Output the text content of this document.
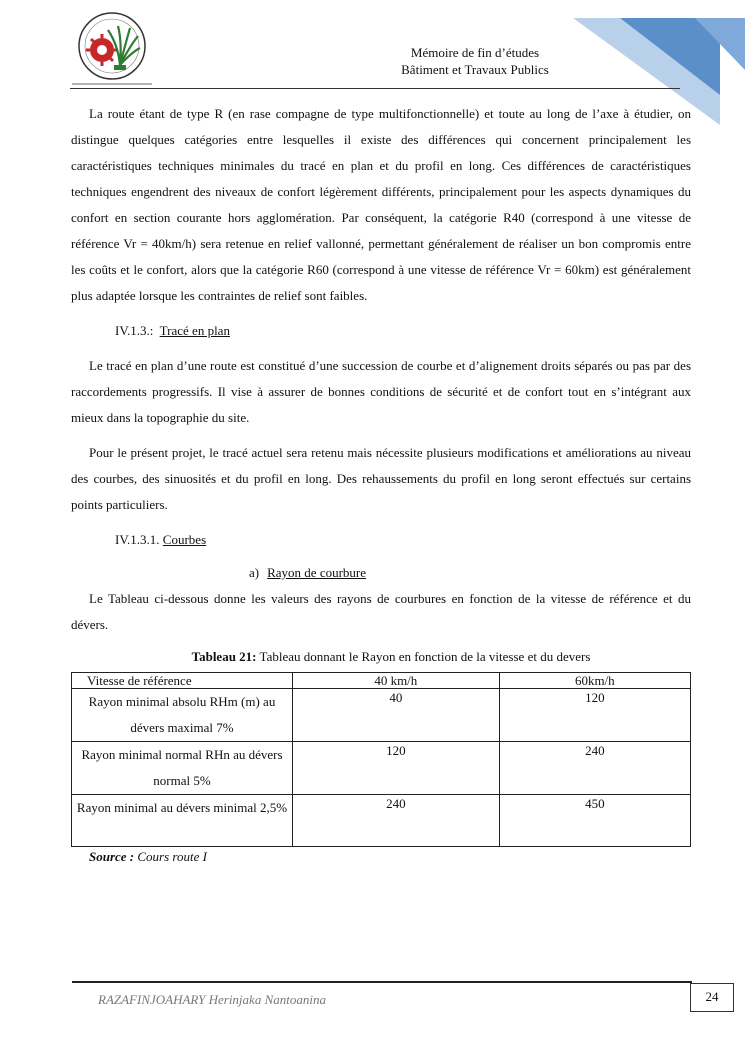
Mémoire de fin d’études
Bâtiment et Travaux Publics

La route étant de type R (en rase compagne de type multifonctionnelle) et toute au long de l’axe à étudier, on distingue quelques catégories entre lesquelles il existe des différences qui concernent principalement les caractéristiques techniques minimales du tracé en plan et du profil en long. Ces différences de caractéristiques techniques engendrent des niveaux de confort légèrement différents, principalement pour les aspects dynamiques du confort en section courante hors agglomération. Par conséquent, la catégorie R40 (correspond à une vitesse de référence Vr = 40km/h) sera retenue en relief vallonné, permettant généralement de réaliser un bon compromis entre les coûts et le confort, alors que la catégorie R60 (correspond à une vitesse de référence Vr = 60km) est généralement plus adaptée lorsque les contraintes de relief sont faibles.

IV.1.3.: Tracé en plan

Le tracé en plan d’une route est constitué d’une succession de courbe et d’alignement droits séparés ou pas par des raccordements progressifs. Il vise à assurer de bonnes conditions de sécurité et de confort tout en s’intégrant aux mieux dans la topographie du site.

Pour le présent projet, le tracé actuel sera retenu mais nécessite plusieurs modifications et améliorations au niveau des courbes, des sinuosités et du profil en long. Des rehaussements du profil en long seront effectués sur certains points particuliers.

IV.1.3.1. Courbes

a) Rayon de courbure

Le Tableau ci-dessous donne les valeurs des rayons de courbures en fonction de la vitesse de référence et du dévers.

Tableau 21: Tableau donnant le Rayon en fonction de la vitesse et du devers

Vitesse de référence	40 km/h	60km/h
Rayon minimal absolu RHm (m) au dévers maximal 7%	40	120
Rayon minimal normal RHn au dévers normal 5%	120	240
Rayon minimal au dévers minimal 2,5%	240	450

Source : Cours route I

RAZAFINJOAHARY Herinjaka Nantoanina	24
